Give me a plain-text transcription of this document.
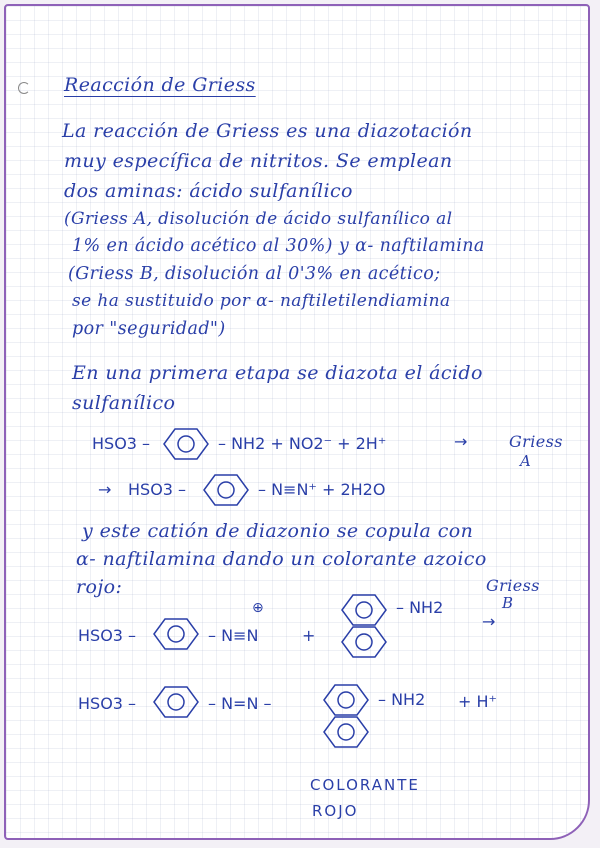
Reacción de Griess
La reacción de Griess es una diazotación
muy específica de nitritos. Se emplean
dos aminas: ácido sulfanílico
(Griess A, disolución de ácido sulfanílico al
1% en ácido acético al 30%) y α- naftilamina
(Griess B, disolución al 0'3% en acético;
se ha sustituido por α- naftiletilendiamina
por "seguridad")
En una primera etapa se diazota el ácido
sulfanílico
HSO3 –	– NH2 + NO2⁻ + 2H⁺	→	Griess
A
→ HSO3 –	– N≡N⁺ + 2H2O
y este catión de diazonio se copula con
α- naftilamina dando un colorante azoico
rojo:
HSO3 –	– N≡N
⊕
+
– NH2
Griess
B
→
HSO3 –	– N=N –	– NH2 + H⁺
COLORANTE
ROJO
